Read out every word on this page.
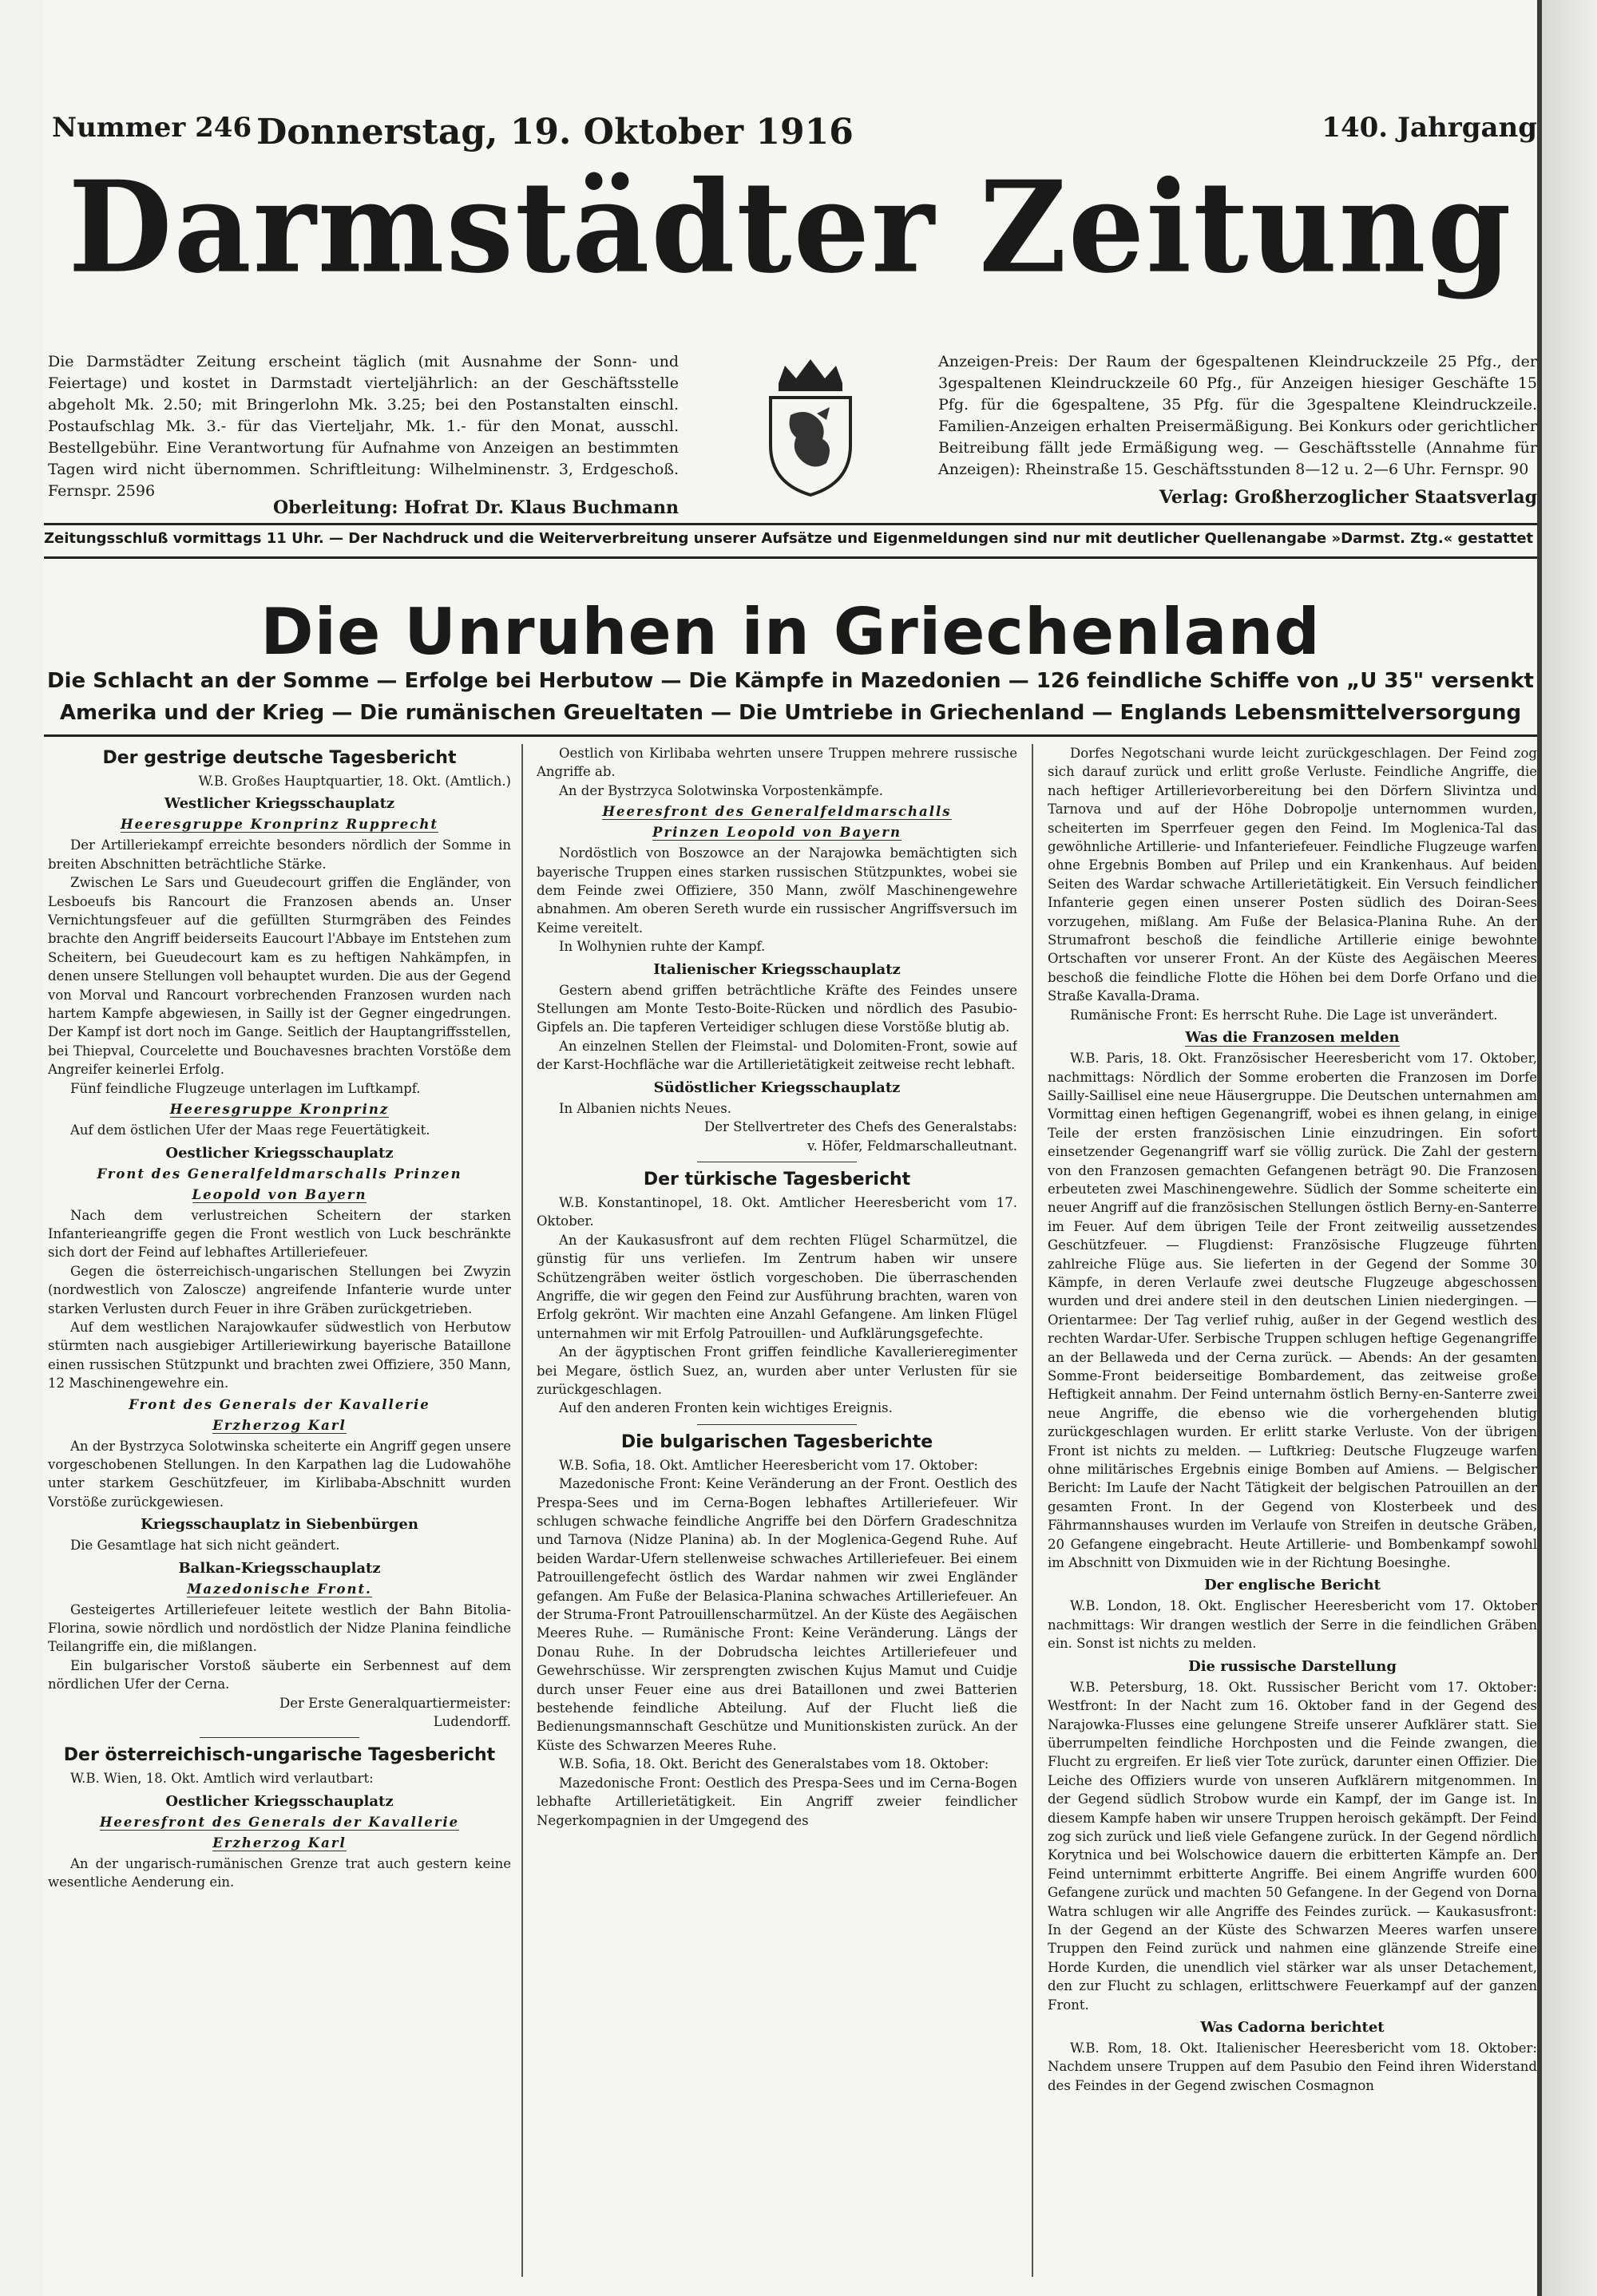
Nummer 246 Donnerstag, 19. Oktober 1916	140. Jahrgang
Darmstädter Zeitung
Die Darmstädter Zeitung erscheint täglich (mit Ausnahme der Sonn- und Feiertage) und kostet in Darmstadt vierteljährlich: an der Geschäftsstelle abgeholt Mk. 2.50; mit Bringerlohn Mk. 3.25; bei den Postanstalten einschl. Postaufschlag Mk. 3.- für das Vierteljahr, Mk. 1.- für den Monat, ausschl. Bestellgebühr. Eine Verantwortung für Aufnahme von Anzeigen an bestimmten Tagen wird nicht übernommen. Schriftleitung: Wilhelminenstr. 3, Erdgeschoß. Fernspr. 2596
Oberleitung: Hofrat Dr. Klaus Buchmann
Anzeigen-Preis: Der Raum der 6gespaltenen Kleindruckzeile 25 Pfg., der 3gespaltenen Kleindruckzeile 60 Pfg., für Anzeigen hiesiger Geschäfte 15 Pfg. für die 6gespaltene, 35 Pfg. für die 3gespaltene Kleindruckzeile. Familien-Anzeigen erhalten Preisermäßigung. Bei Konkurs oder gerichtlicher Beitreibung fällt jede Ermäßigung weg. — Geschäftsstelle (Annahme für Anzeigen): Rheinstraße 15. Geschäftsstunden 8—12 u. 2—6 Uhr. Fernspr. 90
Verlag: Großherzoglicher Staatsverlag
Zeitungsschluß vormittags 11 Uhr. — Der Nachdruck und die Weiterverbreitung unserer Aufsätze und Eigenmeldungen sind nur mit deutlicher Quellenangabe »Darmst. Ztg.« gestattet
Die Unruhen in Griechenland
Die Schlacht an der Somme — Erfolge bei Herbutow — Die Kämpfe in Mazedonien — 126 feindliche Schiffe von „U 35" versenkt
Amerika und der Krieg — Die rumänischen Greueltaten — Die Umtriebe in Griechenland — Englands Lebensmittelversorgung
Der gestrige deutsche Tagesbericht

W.B. Großes Hauptquartier, 18. Okt. (Amtlich.)

Westlicher Kriegsschauplatz
Heeresgruppe Kronprinz Rupprecht

Der Artilleriekampf erreichte besonders nördlich der Somme in breiten Abschnitten beträchtliche Stärke.

Zwischen Le Sars und Gueudecourt griffen die Engländer, von Lesboeufs bis Rancourt die Franzosen abends an. Unser Vernichtungsfeuer auf die gefüllten Sturmgräben des Feindes brachte den Angriff beiderseits Eaucourt l'Abbaye im Entstehen zum Scheitern, bei Gueudecourt kam es zu heftigen Nahkämpfen, in denen unsere Stellungen voll behauptet wurden. Die aus der Gegend von Morval und Rancourt vorbrechenden Franzosen wurden nach hartem Kampfe abgewiesen, in Sailly ist der Gegner eingedrungen. Der Kampf ist dort noch im Gange. Seitlich der Hauptangriffsstellen, bei Thiepval, Courcelette und Bouchavesnes brachten Vorstöße dem Angreifer keinerlei Erfolg.

Fünf feindliche Flugzeuge unterlagen im Luftkampf.

Heeresgruppe Kronprinz

Auf dem östlichen Ufer der Maas rege Feuertätigkeit.

Oestlicher Kriegsschauplatz
Front des Generalfeldmarschalls Prinzen
Leopold von Bayern

Nach dem verlustreichen Scheitern der starken Infanterieangriffe gegen die Front westlich von Luck beschränkte sich dort der Feind auf lebhaftes Artilleriefeuer.

Gegen die österreichisch-ungarischen Stellungen bei Zwyzin (nordwestlich von Zaloscze) angreifende Infanterie wurde unter starken Verlusten durch Feuer in ihre Gräben zurückgetrieben.

Auf dem westlichen Narajowkaufer südwestlich von Herbutow stürmten nach ausgiebiger Artilleriewirkung bayerische Bataillone einen russischen Stützpunkt und brachten zwei Offiziere, 350 Mann, 12 Maschinengewehre ein.

Front des Generals der Kavallerie
Erzherzog Karl

An der Bystrzyca Solotwinska scheiterte ein Angriff gegen unsere vorgeschobenen Stellungen. In den Karpathen lag die Ludowahöhe unter starkem Geschützfeuer, im Kirlibaba-Abschnitt wurden Vorstöße zurückgewiesen.

Kriegsschauplatz in Siebenbürgen

Die Gesamtlage hat sich nicht geändert.

Balkan-Kriegsschauplatz
Mazedonische Front.

Gesteigertes Artilleriefeuer leitete westlich der Bahn Bitolia-Florina, sowie nördlich und nordöstlich der Nidze Planina feindliche Teilangriffe ein, die mißlangen.

Ein bulgarischer Vorstoß säuberte ein Serbennest auf dem nördlichen Ufer der Cerna.

Der Erste Generalquartiermeister:

Ludendorff.

Der österreichisch-ungarische Tagesbericht

W.B. Wien, 18. Okt. Amtlich wird verlautbart:

Oestlicher Kriegsschauplatz
Heeresfront des Generals der Kavallerie
Erzherzog Karl

An der ungarisch-rumänischen Grenze trat auch gestern keine wesentliche Aenderung ein.

Oestlich von Kirlibaba wehrten unsere Truppen mehrere russische Angriffe ab.

An der Bystrzyca Solotwinska Vorpostenkämpfe.

Heeresfront des Generalfeldmarschalls
Prinzen Leopold von Bayern

Nordöstlich von Boszowce an der Narajowka bemächtigten sich bayerische Truppen eines starken russischen Stützpunktes, wobei sie dem Feinde zwei Offiziere, 350 Mann, zwölf Maschinengewehre abnahmen. Am oberen Sereth wurde ein russischer Angriffsversuch im Keime vereitelt.

In Wolhynien ruhte der Kampf.

Italienischer Kriegsschauplatz

Gestern abend griffen beträchtliche Kräfte des Feindes unsere Stellungen am Monte Testo-Boite-Rücken und nördlich des Pasubio-Gipfels an. Die tapferen Verteidiger schlugen diese Vorstöße blutig ab.

An einzelnen Stellen der Fleimstal- und Dolomiten-Front, sowie auf der Karst-Hochfläche war die Artillerietätigkeit zeitweise recht lebhaft.

Südöstlicher Kriegsschauplatz

In Albanien nichts Neues.

Der Stellvertreter des Chefs des Generalstabs:

v. Höfer, Feldmarschalleutnant.

Der türkische Tagesbericht

W.B. Konstantinopel, 18. Okt. Amtlicher Heeresbericht vom 17. Oktober.

An der Kaukasusfront auf dem rechten Flügel Scharmützel, die günstig für uns verliefen. Im Zentrum haben wir unsere Schützengräben weiter östlich vorgeschoben. Die überraschenden Angriffe, die wir gegen den Feind zur Ausführung brachten, waren von Erfolg gekrönt. Wir machten eine Anzahl Gefangene. Am linken Flügel unternahmen wir mit Erfolg Patrouillen- und Aufklärungsgefechte.

An der ägyptischen Front griffen feindliche Kavallerieregimenter bei Megare, östlich Suez, an, wurden aber unter Verlusten für sie zurückgeschlagen.

Auf den anderen Fronten kein wichtiges Ereignis.

Die bulgarischen Tagesberichte

W.B. Sofia, 18. Okt. Amtlicher Heeresbericht vom 17. Oktober:

Mazedonische Front: Keine Veränderung an der Front. Oestlich des Prespa-Sees und im Cerna-Bogen lebhaftes Artilleriefeuer. Wir schlugen schwache feindliche Angriffe bei den Dörfern Gradeschnitza und Tarnova (Nidze Planina) ab. In der Moglenica-Gegend Ruhe. Auf beiden Wardar-Ufern stellenweise schwaches Artilleriefeuer. Bei einem Patrouillengefecht östlich des Wardar nahmen wir zwei Engländer gefangen. Am Fuße der Belasica-Planina schwaches Artilleriefeuer. An der Struma-Front Patrouillenscharmützel. An der Küste des Aegäischen Meeres Ruhe. — Rumänische Front: Keine Veränderung. Längs der Donau Ruhe. In der Dobrudscha leichtes Artilleriefeuer und Gewehrschüsse. Wir zersprengten zwischen Kujus Mamut und Cuidje durch unser Feuer eine aus drei Bataillonen und zwei Batterien bestehende feindliche Abteilung. Auf der Flucht ließ die Bedienungsmannschaft Geschütze und Munitionskisten zurück. An der Küste des Schwarzen Meeres Ruhe.

W.B. Sofia, 18. Okt. Bericht des Generalstabes vom 18. Oktober:

Mazedonische Front: Oestlich des Prespa-Sees und im Cerna-Bogen lebhafte Artillerietätigkeit. Ein Angriff zweier feindlicher Negerkompagnien in der Umgegend des

Dorfes Negotschani wurde leicht zurückgeschlagen. Der Feind zog sich darauf zurück und erlitt große Verluste. Feindliche Angriffe, die nach heftiger Artillerievorbereitung bei den Dörfern Slivintza und Tarnova und auf der Höhe Dobropolje unternommen wurden, scheiterten im Sperrfeuer gegen den Feind. Im Moglenica-Tal das gewöhnliche Artillerie- und Infanteriefeuer. Feindliche Flugzeuge warfen ohne Ergebnis Bomben auf Prilep und ein Krankenhaus. Auf beiden Seiten des Wardar schwache Artillerietätigkeit. Ein Versuch feindlicher Infanterie gegen einen unserer Posten südlich des Doiran-Sees vorzugehen, mißlang. Am Fuße der Belasica-Planina Ruhe. An der Strumafront beschoß die feindliche Artillerie einige bewohnte Ortschaften vor unserer Front. An der Küste des Aegäischen Meeres beschoß die feindliche Flotte die Höhen bei dem Dorfe Orfano und die Straße Kavalla-Drama.

Rumänische Front: Es herrscht Ruhe. Die Lage ist unverändert.

Was die Franzosen melden

W.B. Paris, 18. Okt. Französischer Heeresbericht vom 17. Oktober, nachmittags: Nördlich der Somme eroberten die Franzosen im Dorfe Sailly-Saillisel eine neue Häusergruppe. Die Deutschen unternahmen am Vormittag einen heftigen Gegenangriff, wobei es ihnen gelang, in einige Teile der ersten französischen Linie einzudringen. Ein sofort einsetzender Gegenangriff warf sie völlig zurück. Die Zahl der gestern von den Franzosen gemachten Gefangenen beträgt 90. Die Franzosen erbeuteten zwei Maschinengewehre. Südlich der Somme scheiterte ein neuer Angriff auf die französischen Stellungen östlich Berny-en-Santerre im Feuer. Auf dem übrigen Teile der Front zeitweilig aussetzendes Geschützfeuer. — Flugdienst: Französische Flugzeuge führten zahlreiche Flüge aus. Sie lieferten in der Gegend der Somme 30 Kämpfe, in deren Verlaufe zwei deutsche Flugzeuge abgeschossen wurden und drei andere steil in den deutschen Linien niedergingen. — Orientarmee: Der Tag verlief ruhig, außer in der Gegend westlich des rechten Wardar-Ufer. Serbische Truppen schlugen heftige Gegenangriffe an der Bellaweda und der Cerna zurück. — Abends: An der gesamten Somme-Front beiderseitige Bombardement, das zeitweise große Heftigkeit annahm. Der Feind unternahm östlich Berny-en-Santerre zwei neue Angriffe, die ebenso wie die vorhergehenden blutig zurückgeschlagen wurden. Er erlitt starke Verluste. Von der übrigen Front ist nichts zu melden. — Luftkrieg: Deutsche Flugzeuge warfen ohne militärisches Ergebnis einige Bomben auf Amiens. — Belgischer Bericht: Im Laufe der Nacht Tätigkeit der belgischen Patrouillen an der gesamten Front. In der Gegend von Klosterbeek und des Fährmannshauses wurden im Verlaufe von Streifen in deutsche Gräben, 20 Gefangene eingebracht. Heute Artillerie- und Bombenkampf sowohl im Abschnitt von Dixmuiden wie in der Richtung Boesinghe.

Der englische Bericht

W.B. London, 18. Okt. Englischer Heeresbericht vom 17. Oktober nachmittags: Wir drangen westlich der Serre in die feindlichen Gräben ein. Sonst ist nichts zu melden.

Die russische Darstellung

W.B. Petersburg, 18. Okt. Russischer Bericht vom 17. Oktober: Westfront: In der Nacht zum 16. Oktober fand in der Gegend des Narajowka-Flusses eine gelungene Streife unserer Aufklärer statt. Sie überrumpelten feindliche Horchposten und die Feinde zwangen, die Flucht zu ergreifen. Er ließ vier Tote zurück, darunter einen Offizier. Die Leiche des Offiziers wurde von unseren Aufklärern mitgenommen. In der Gegend südlich Strobow wurde ein Kampf, der im Gange ist. In diesem Kampfe haben wir unsere Truppen heroisch gekämpft. Der Feind zog sich zurück und ließ viele Gefangene zurück. In der Gegend nördlich Korytnica und bei Wolschowice dauern die erbitterten Kämpfe an. Der Feind unternimmt erbitterte Angriffe. Bei einem Angriffe wurden 600 Gefangene zurück und machten 50 Gefangene. In der Gegend von Dorna Watra schlugen wir alle Angriffe des Feindes zurück. — Kaukasusfront: In der Gegend an der Küste des Schwarzen Meeres warfen unsere Truppen den Feind zurück und nahmen eine glänzende Streife eine Horde Kurden, die unendlich viel stärker war als unser Detachement, den zur Flucht zu schlagen, erlittschwere Feuerkampf auf der ganzen Front.

Was Cadorna berichtet

W.B. Rom, 18. Okt. Italienischer Heeresbericht vom 18. Oktober: Nachdem unsere Truppen auf dem Pasubio den Feind ihren Widerstand des Feindes in der Gegend zwischen Cosmagnon
